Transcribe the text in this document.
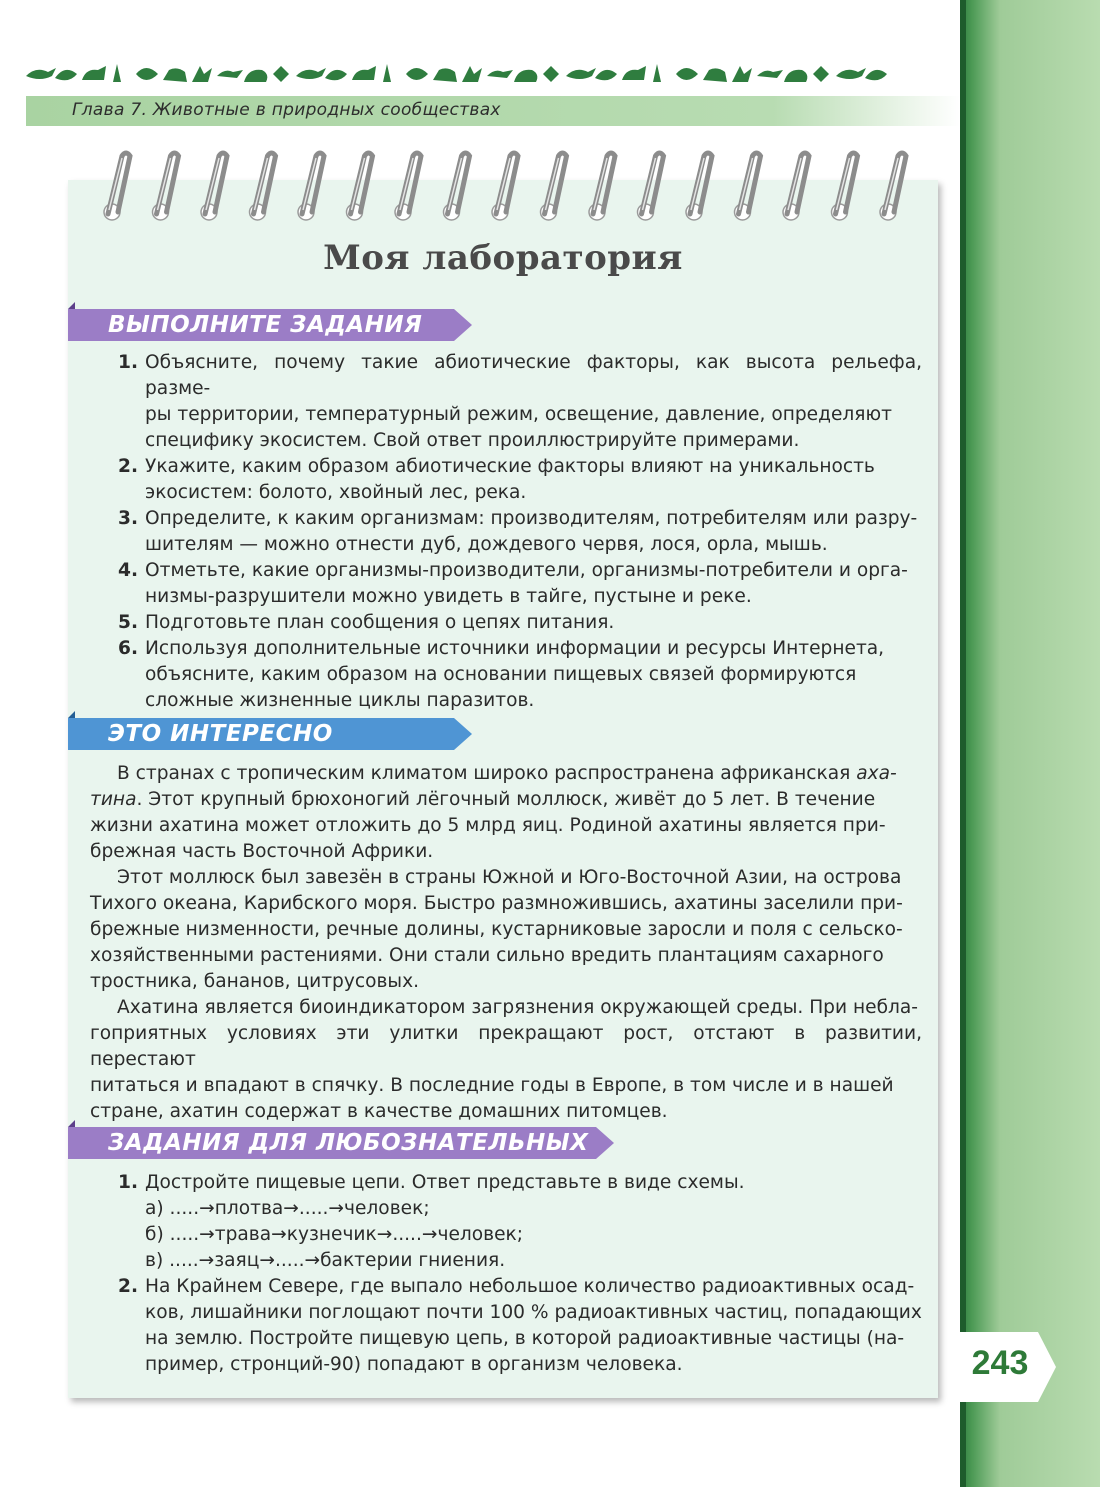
Глава 7. Животные в природных сообществах
Моя лаборатория
ВЫПОЛНИТЕ ЗАДАНИЯ
1. Объясните, почему такие абиотические факторы, как высота рельефа, разме-
ры территории, температурный режим, освещение, давление, определяют
специфику экосистем. Свой ответ проиллюстрируйте примерами.
2. Укажите, каким образом абиотические факторы влияют на уникальность
экосистем: болото, хвойный лес, река.
3. Определите, к каким организмам: производителям, потребителям или разру-
шителям — можно отнести дуб, дождевого червя, лося, орла, мышь.
4. Отметьте, какие организмы-производители, организмы-потребители и орга-
низмы-разрушители можно увидеть в тайге, пустыне и реке.
5. Подготовьте план сообщения о цепях питания.
6. Используя дополнительные источники информации и ресурсы Интернета,
объясните, каким образом на основании пищевых связей формируются
сложные жизненные циклы паразитов.
ЭТО ИНТЕРЕСНО

В странах с тропическим климатом широко распространена африканская аха-
тина. Этот крупный брюхоногий лёгочный моллюск, живёт до 5 лет. В течение
жизни ахатина может отложить до 5 млрд яиц. Родиной ахатины является при-
брежная часть Восточной Африки.

Этот моллюск был завезён в страны Южной и Юго-Восточной Азии, на острова
Тихого океана, Карибского моря. Быстро размножившись, ахатины заселили при-
брежные низменности, речные долины, кустарниковые заросли и поля с сельско-
хозяйственными растениями. Они стали сильно вредить плантациям сахарного
тростника, бананов, цитрусовых.

Ахатина является биоиндикатором загрязнения окружающей среды. При небла-
гоприятных условиях эти улитки прекращают рост, отстают в развитии, перестают
питаться и впадают в спячку. В последние годы в Европе, в том числе и в нашей
стране, ахатин содержат в качестве домашних питомцев.

ЗАДАНИЯ ДЛЯ ЛЮБОЗНАТЕЛЬНЫХ
1. Достройте пищевые цепи. Ответ представьте в виде схемы.
а) .....→плотва→.....→человек;
б) .....→трава→кузнечик→.....→человек;
в) .....→заяц→.....→бактерии гниения.
2. На Крайнем Севере, где выпало небольшое количество радиоактивных осад-
ков, лишайники поглощают почти 100 % радиоактивных частиц, попадающих
на землю. Постройте пищевую цепь, в которой радиоактивные частицы (на-
пример, стронций-90) попадают в организм человека.	243
